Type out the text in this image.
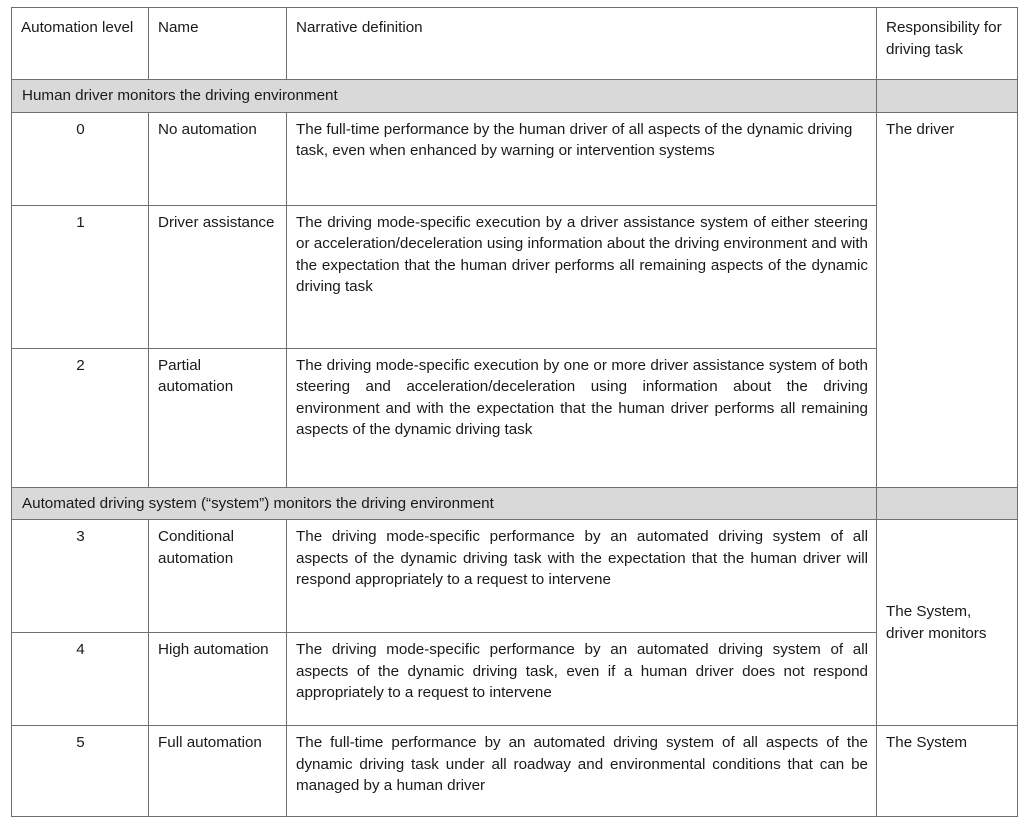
Automation level	Name	Narrative definition	Responsibility for driving task

Human driver monitors the driving environment			
0	No automation	The full-time performance by the human driver of all aspects of the dynamic driving task, even when enhanced by warning or intervention systems	The driver
1	Driver assistance	The driving mode-specific execution by a driver assistance system of either steering or acceleration/deceleration using information about the driving environment and with the expectation that the human driver performs all remaining aspects of the dynamic driving task	
2	Partial automation	The driving mode-specific execution by one or more driver assistance system of both steering and acceleration/deceleration using information about the driving environment and with the expectation that the human driver performs all remaining aspects of the dynamic driving task	
Automated driving system (“system”) monitors the driving environment			
3	Conditional automation	The driving mode-specific performance by an automated driving system of all aspects of the dynamic driving task with the expectation that the human driver will respond appropriately to a request to intervene	The System, driver monitors
4	High automation	The driving mode-specific performance by an automated driving system of all aspects of the dynamic driving task, even if a human driver does not respond appropriately to a request to intervene	
5	Full automation	The full-time performance by an automated driving system of all aspects of the dynamic driving task under all roadway and environmental conditions that can be managed by a human driver	The System
